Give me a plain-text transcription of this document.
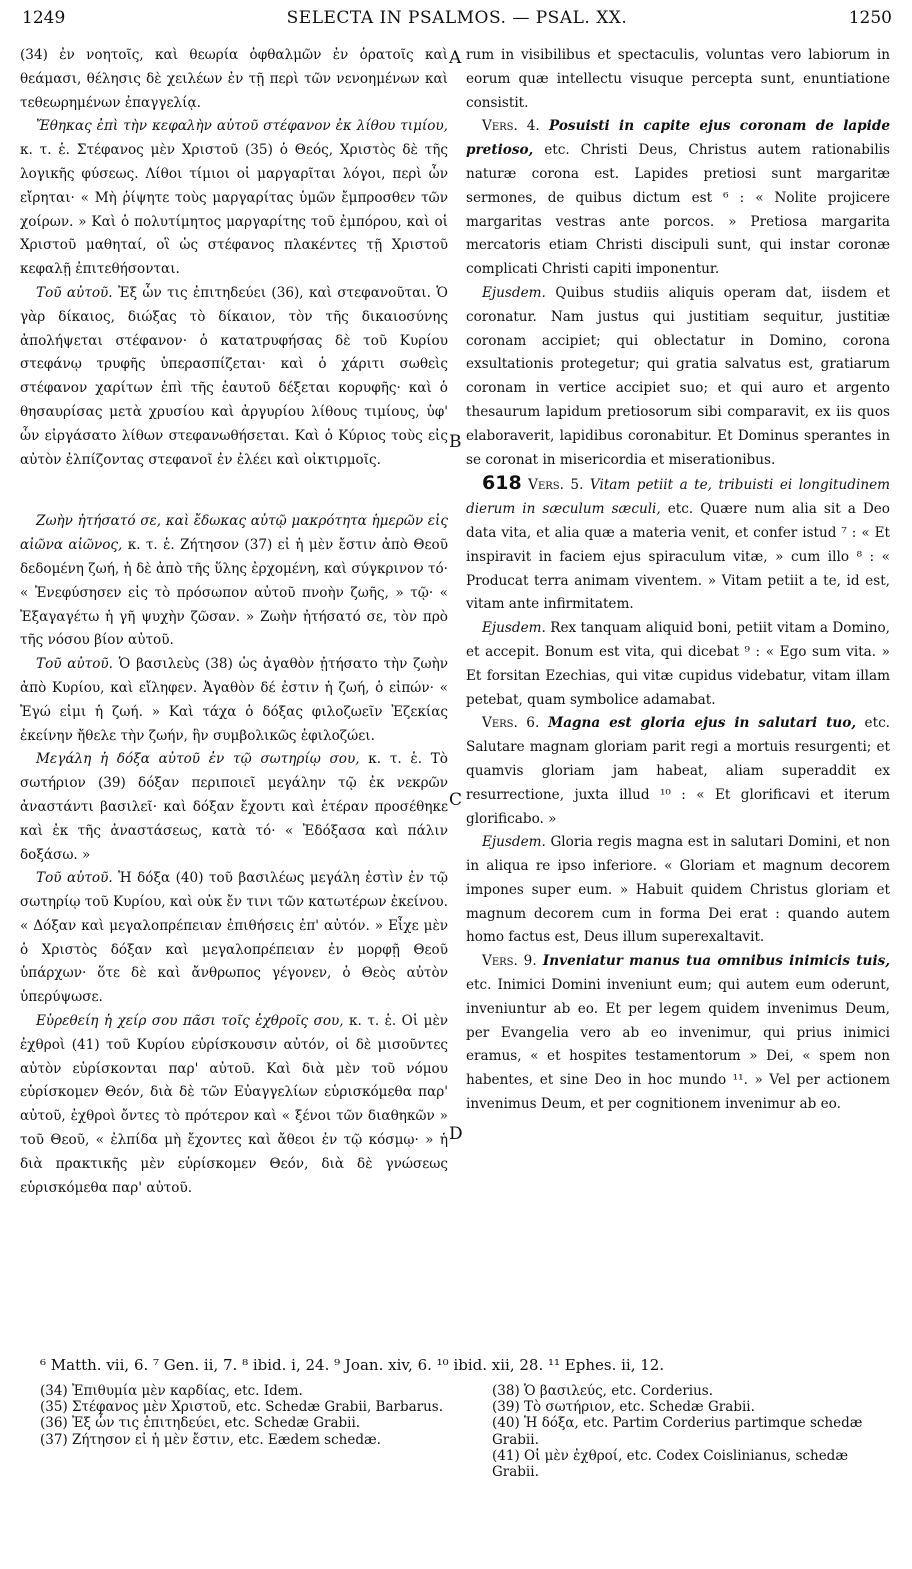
1249	SELECTA IN PSALMOS. — PSAL. XX.	1250
A
B
C
D

(34) ἐν νοητοῖς, καὶ θεωρία ὀφθαλμῶν ἐν ὁρατοῖς καὶ θεάμασι, θέλησις δὲ χειλέων ἐν τῇ περὶ τῶν νενοημένων καὶ τεθεωρημένων ἐπαγγελίᾳ.

Ἔθηκας ἐπὶ τὴν κεφαλὴν αὐτοῦ στέφανον ἐκ λίθου τιμίου, κ. τ. ἑ. Στέφανος μὲν Χριστοῦ (35) ὁ Θεός, Χριστὸς δὲ τῆς λογικῆς φύσεως. Λίθοι τίμιοι οἱ μαργαρῖται λόγοι, περὶ ὧν εἴρηται· « Μὴ ῥίψητε τοὺς μαργαρίτας ὑμῶν ἔμπροσθεν τῶν χοίρων. » Καὶ ὁ πολυτίμητος μαργαρίτης τοῦ ἐμπόρου, καὶ οἱ Χριστοῦ μαθηταί, οἳ ὡς στέφανος πλακέντες τῇ Χριστοῦ κεφαλῇ ἐπιτεθήσονται.

Τοῦ αὐτοῦ. Ἐξ ὧν τις ἐπιτηδεύει (36), καὶ στεφανοῦται. Ὁ γὰρ δίκαιος, διώξας τὸ δίκαιον, τὸν τῆς δικαιοσύνης ἀπολήψεται στέφανον· ὁ κατατρυφήσας δὲ τοῦ Κυρίου στεφάνῳ τρυφῆς ὑπερασπίζεται· καὶ ὁ χάριτι σωθεὶς στέφανον χαρίτων ἐπὶ τῆς ἑαυτοῦ δέξεται κορυφῆς· καὶ ὁ θησαυρίσας μετὰ χρυσίου καὶ ἀργυρίου λίθους τιμίους, ὑφ' ὧν εἰργάσατο λίθων στεφανωθήσεται. Καὶ ὁ Κύριος τοὺς εἰς αὐτὸν ἐλπίζοντας στεφανοῖ ἐν ἐλέει καὶ οἰκτιρμοῖς.

Ζωὴν ἠτήσατό σε, καὶ ἔδωκας αὐτῷ μακρότητα ἡμερῶν εἰς αἰῶνα αἰῶνος, κ. τ. ἑ. Ζήτησον (37) εἰ ἡ μὲν ἔστιν ἀπὸ Θεοῦ δεδομένη ζωή, ἡ δὲ ἀπὸ τῆς ὕλης ἐρχομένη, καὶ σύγκρινον τό· « Ἐνεφύσησεν εἰς τὸ πρόσωπον αὐτοῦ πνοὴν ζωῆς, » τῷ· « Ἐξαγαγέτω ἡ γῆ ψυχὴν ζῶσαν. » Ζωὴν ἠτήσατό σε, τὸν πρὸ τῆς νόσου βίον αὐτοῦ.

Τοῦ αὐτοῦ. Ὁ βασιλεὺς (38) ὡς ἀγαθὸν ᾐτήσατο τὴν ζωὴν ἀπὸ Κυρίου, καὶ εἴληφεν. Ἀγαθὸν δέ ἐστιν ἡ ζωή, ὁ εἰπών· « Ἐγώ εἰμι ἡ ζωή. » Καὶ τάχα ὁ δόξας φιλοζωεῖν Ἐζεκίας ἐκείνην ἤθελε τὴν ζωήν, ἣν συμβολικῶς ἐφιλοζώει.

Μεγάλη ἡ δόξα αὐτοῦ ἐν τῷ σωτηρίῳ σου, κ. τ. ἑ. Τὸ σωτήριον (39) δόξαν περιποιεῖ μεγάλην τῷ ἐκ νεκρῶν ἀναστάντι βασιλεῖ· καὶ δόξαν ἔχοντι καὶ ἑτέραν προσέθηκε καὶ ἐκ τῆς ἀναστάσεως, κατὰ τό· « Ἐδόξασα καὶ πάλιν δοξάσω. »

Τοῦ αὐτοῦ. Ἡ δόξα (40) τοῦ βασιλέως μεγάλη ἐστὶν ἐν τῷ σωτηρίῳ τοῦ Κυρίου, καὶ οὐκ ἔν τινι τῶν κατωτέρων ἐκείνου. « Δόξαν καὶ μεγαλοπρέπειαν ἐπιθήσεις ἐπ' αὐτόν. » Εἶχε μὲν ὁ Χριστὸς δόξαν καὶ μεγαλοπρέπειαν ἐν μορφῇ Θεοῦ ὑπάρχων· ὅτε δὲ καὶ ἄνθρωπος γέγονεν, ὁ Θεὸς αὐτὸν ὑπερύψωσε.

Εὑρεθείη ἡ χείρ σου πᾶσι τοῖς ἐχθροῖς σου, κ. τ. ἑ. Οἱ μὲν ἐχθροὶ (41) τοῦ Κυρίου εὑρίσκουσιν αὐτόν, οἱ δὲ μισοῦντες αὐτὸν εὑρίσκονται παρ' αὐτοῦ. Καὶ διὰ μὲν τοῦ νόμου εὑρίσκομεν Θεόν, διὰ δὲ τῶν Εὐαγγελίων εὑρισκόμεθα παρ' αὐτοῦ, ἐχθροὶ ὄντες τὸ πρότερον καὶ « ξένοι τῶν διαθηκῶν » τοῦ Θεοῦ, « ἐλπίδα μὴ ἔχοντες καὶ ἄθεοι ἐν τῷ κόσμῳ· » ἡ διὰ πρακτικῆς μὲν εὑρίσκομεν Θεόν, διὰ δὲ γνώσεως εὑρισκόμεθα παρ' αὐτοῦ.

rum in visibilibus et spectaculis, voluntas vero labiorum in eorum quæ intellectu visuque percepta sunt, enuntiatione consistit.

Vers. 4. Posuisti in capite ejus coronam de lapide pretioso, etc. Christi Deus, Christus autem rationabilis naturæ corona est. Lapides pretiosi sunt margaritæ sermones, de quibus dictum est ⁶ : « Nolite projicere margaritas vestras ante porcos. » Pretiosa margarita mercatoris etiam Christi discipuli sunt, qui instar coronæ complicati Christi capiti imponentur.

Ejusdem. Quibus studiis aliquis operam dat, iisdem et coronatur. Nam justus qui justitiam sequitur, justitiæ coronam accipiet; qui oblectatur in Domino, corona exsultationis protegetur; qui gratia salvatus est, gratiarum coronam in vertice accipiet suo; et qui auro et argento thesaurum lapidum pretiosorum sibi comparavit, ex iis quos elaboraverit, lapidibus coronabitur. Et Dominus sperantes in se coronat in misericordia et miserationibus.

618 Vers. 5. Vitam petiit a te, tribuisti ei longitudinem dierum in sæculum sæculi, etc. Quære num alia sit a Deo data vita, et alia quæ a materia venit, et confer istud ⁷ : « Et inspiravit in faciem ejus spiraculum vitæ, » cum illo ⁸ : « Producat terra animam viventem. » Vitam petiit a te, id est, vitam ante infirmitatem.

Ejusdem. Rex tanquam aliquid boni, petiit vitam a Domino, et accepit. Bonum est vita, qui dicebat ⁹ : « Ego sum vita. » Et forsitan Ezechias, qui vitæ cupidus videbatur, vitam illam petebat, quam symbolice adamabat.

Vers. 6. Magna est gloria ejus in salutari tuo, etc. Salutare magnam gloriam parit regi a mortuis resurgenti; et quamvis gloriam jam habeat, aliam superaddit ex resurrectione, juxta illud ¹⁰ : « Et glorificavi et iterum glorificabo. »

Ejusdem. Gloria regis magna est in salutari Domini, et non in aliqua re ipso inferiore. « Gloriam et magnum decorem impones super eum. » Habuit quidem Christus gloriam et magnum decorem cum in forma Dei erat : quando autem homo factus est, Deus illum superexaltavit.

Vers. 9. Inveniatur manus tua omnibus inimicis tuis, etc. Inimici Domini inveniunt eum; qui autem eum oderunt, inveniuntur ab eo. Et per legem quidem invenimus Deum, per Evangelia vero ab eo invenimur, qui prius inimici eramus, « et hospites testamentorum » Dei, « spem non habentes, et sine Deo in hoc mundo ¹¹. » Vel per actionem invenimus Deum, et per cognitionem invenimur ab eo.

⁶ Matth. vii, 6. ⁷ Gen. ii, 7. ⁸ ibid. i, 24. ⁹ Joan. xiv, 6. ¹⁰ ibid. xii, 28. ¹¹ Ephes. ii, 12.
(34) Ἐπιθυμία μὲν καρδίας, etc. Idem.
(35) Στέφανος μὲν Χριστοῦ, etc. Schedæ Grabii, Barbarus.
(36) Ἐξ ὧν τις ἐπιτηδεύει, etc. Schedæ Grabii.
(37) Ζήτησον εἰ ἡ μὲν ἔστιν, etc. Eædem schedæ.
(38) Ὁ βασιλεύς, etc. Corderius.
(39) Τὸ σωτήριον, etc. Schedæ Grabii.
(40) Ἡ δόξα, etc. Partim Corderius partimque schedæ Grabii.
(41) Οἱ μὲν ἐχθροί, etc. Codex Coislinianus, schedæ Grabii.
